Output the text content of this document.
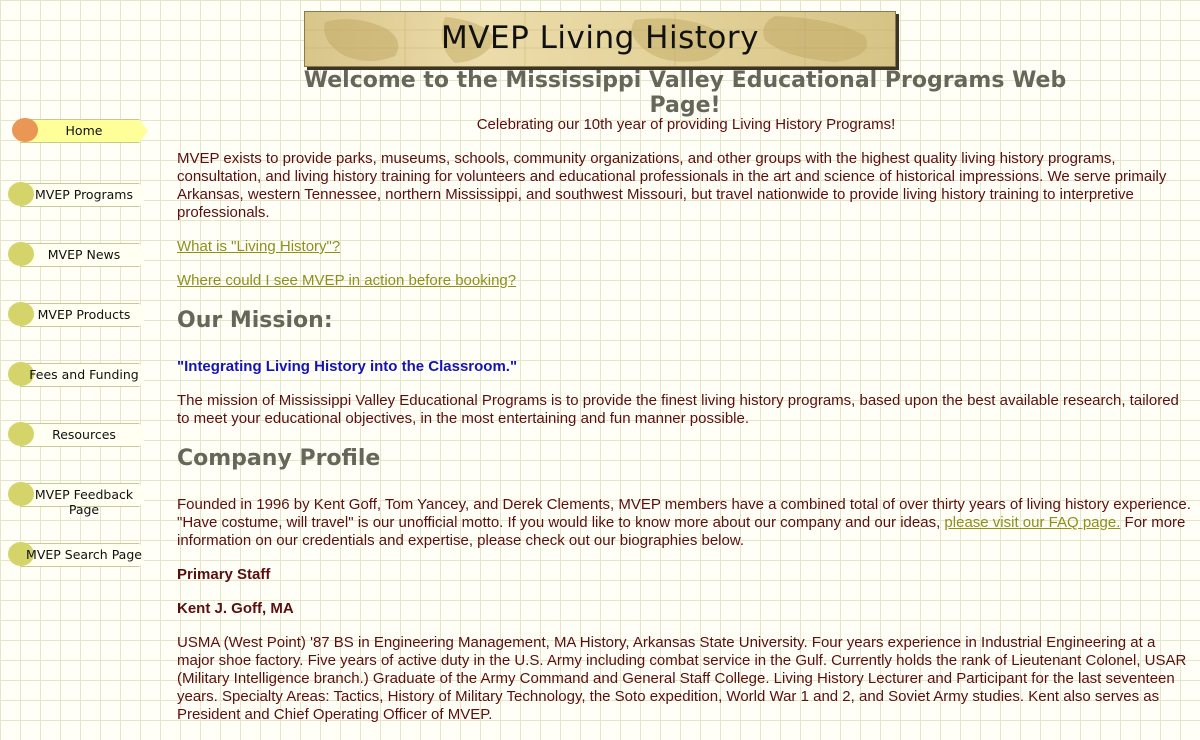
MVEP Living History
Welcome to the Mississippi Valley Educational Programs Web Page!
Home
MVEP Programs
MVEP News
MVEP Products
Fees and Funding
Resources
MVEP Feedback Page
MVEP Search Page

Celebrating our 10th year of providing Living History Programs!

MVEP exists to provide parks, museums, schools, community organizations, and other groups with the highest quality living history programs, consultation, and living history training for volunteers and educational professionals in the art and science of historical impressions. We serve primaily Arkansas, western Tennessee, northern Mississippi, and southwest Missouri, but travel nationwide to provide living history training to interpretive professionals.

What is "Living History"?

Where could I see MVEP in action before booking?

Our Mission:

"Integrating Living History into the Classroom."

The mission of Mississippi Valley Educational Programs is to provide the finest living history programs, based upon the best available research, tailored to meet your educational objectives, in the most entertaining and fun manner possible.

Company Profile

Founded in 1996 by Kent Goff, Tom Yancey, and Derek Clements, MVEP members have a combined total of over thirty years of living history experience. "Have costume, will travel" is our unofficial motto. If you would like to know more about our company and our ideas, please visit our FAQ page. For more information on our credentials and expertise, please check out our biographies below.

Primary Staff

Kent J. Goff, MA

USMA (West Point) '87 BS in Engineering Management, MA History, Arkansas State University. Four years experience in Industrial Engineering at a major shoe factory. Five years of active duty in the U.S. Army including combat service in the Gulf. Currently holds the rank of Lieutenant Colonel, USAR (Military Intelligence branch.) Graduate of the Army Command and General Staff College. Living History Lecturer and Participant for the last seventeen years. Specialty Areas: Tactics, History of Military Technology, the Soto expedition, World War 1 and 2, and Soviet Army studies. Kent also serves as President and Chief Operating Officer of MVEP.
